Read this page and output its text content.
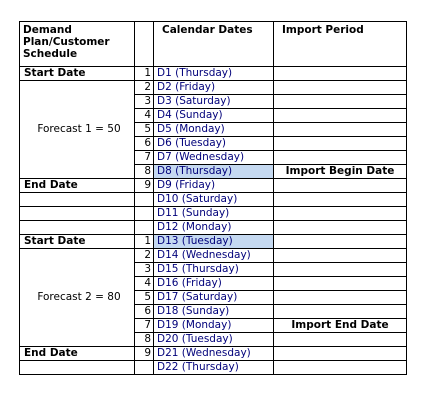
Demand Plan/Customer Schedule		Calendar Dates	Import Period
Start Date	1	D1 (Thursday)	
Forecast 1 = 50	2	D2 (Friday)	
	3	D3 (Saturday)	
	4	D4 (Sunday)	
	5	D5 (Monday)	
	6	D6 (Tuesday)	
	7	D7 (Wednesday)	
	8	D8 (Thursday)	Import Begin Date
End Date	9	D9 (Friday)	
		D10 (Saturday)	
		D11 (Sunday)	
		D12 (Monday)	
Start Date	1	D13 (Tuesday)	
Forecast 2 = 80	2	D14 (Wednesday)	
	3	D15 (Thursday)	
	4	D16 (Friday)	
	5	D17 (Saturday)	
	6	D18 (Sunday)	
	7	D19 (Monday)	Import End Date
	8	D20 (Tuesday)	
End Date	9	D21 (Wednesday)	
		D22 (Thursday)	
